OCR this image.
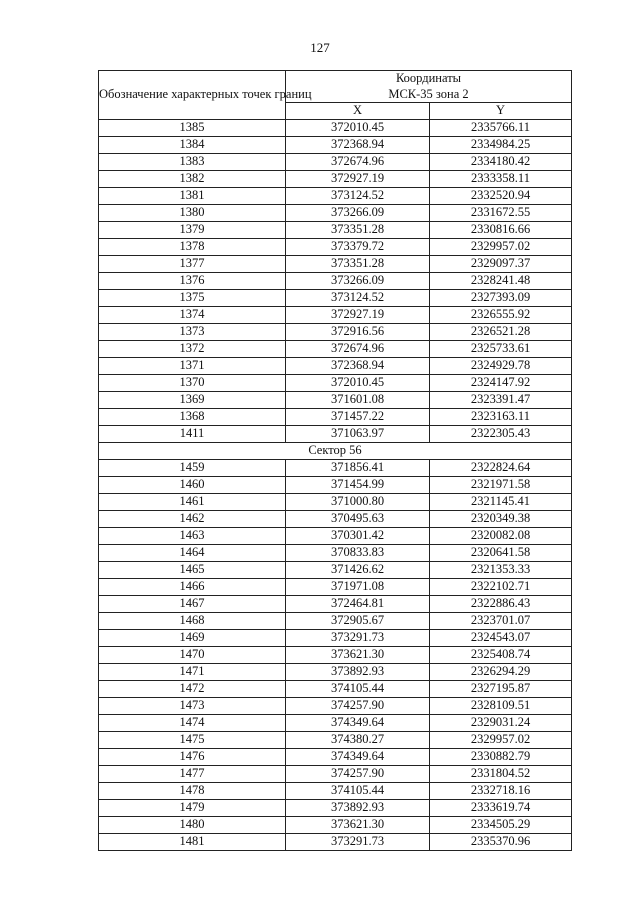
127
Обозначение характерных точек границ	Координаты
МСК-35 зона 2	

	X	Y
1385	372010.45	2335766.11
1384	372368.94	2334984.25
1383	372674.96	2334180.42
1382	372927.19	2333358.11
1381	373124.52	2332520.94
1380	373266.09	2331672.55
1379	373351.28	2330816.66
1378	373379.72	2329957.02
1377	373351.28	2329097.37
1376	373266.09	2328241.48
1375	373124.52	2327393.09
1374	372927.19	2326555.92
1373	372916.56	2326521.28
1372	372674.96	2325733.61
1371	372368.94	2324929.78
1370	372010.45	2324147.92
1369	371601.08	2323391.47
1368	371457.22	2323163.11
1411	371063.97	2322305.43
Сектор 56		
1459	371856.41	2322824.64
1460	371454.99	2321971.58
1461	371000.80	2321145.41
1462	370495.63	2320349.38
1463	370301.42	2320082.08
1464	370833.83	2320641.58
1465	371426.62	2321353.33
1466	371971.08	2322102.71
1467	372464.81	2322886.43
1468	372905.67	2323701.07
1469	373291.73	2324543.07
1470	373621.30	2325408.74
1471	373892.93	2326294.29
1472	374105.44	2327195.87
1473	374257.90	2328109.51
1474	374349.64	2329031.24
1475	374380.27	2329957.02
1476	374349.64	2330882.79
1477	374257.90	2331804.52
1478	374105.44	2332718.16
1479	373892.93	2333619.74
1480	373621.30	2334505.29
1481	373291.73	2335370.96
